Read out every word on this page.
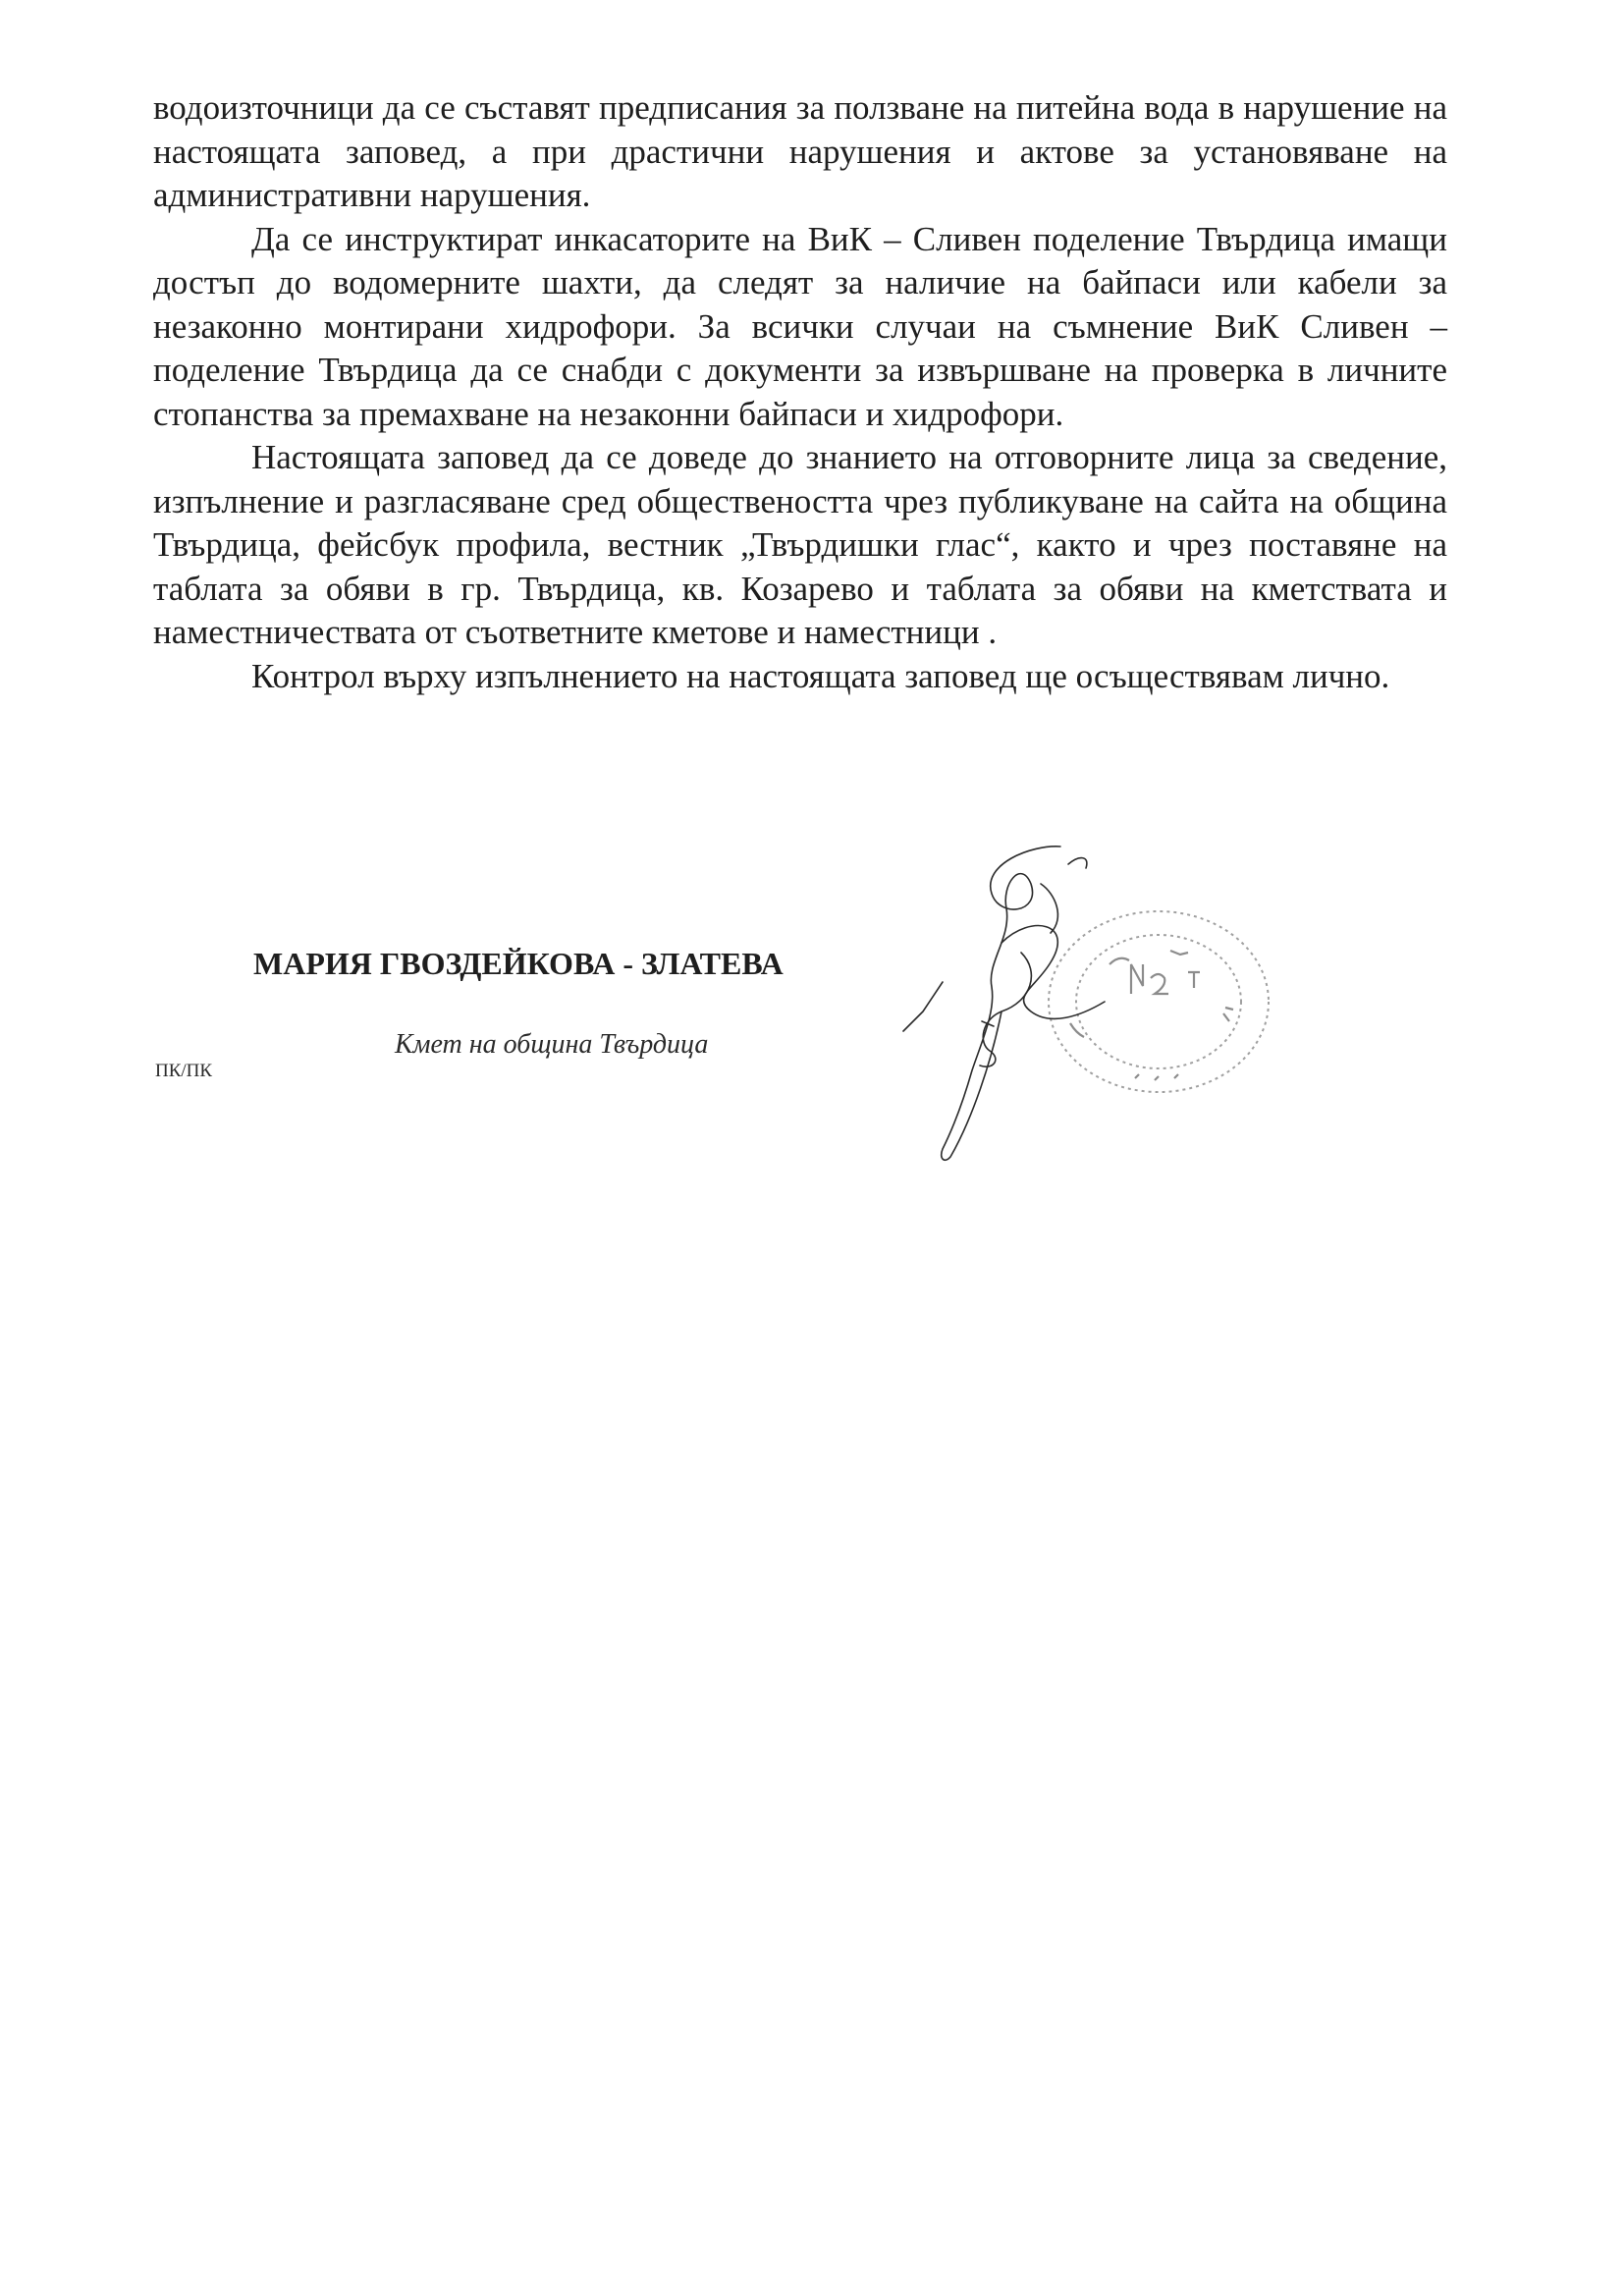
водоизточници да се съставят предписания за ползване на питейна вода в нарушение на настоящата заповед, а при драстични нарушения и актове за установяване на административни нарушения.

Да се инструктират инкасаторите на ВиК – Сливен поделение Твърдица имащи достъп до водомерните шахти, да следят за наличие на байпаси или кабели за незаконно монтирани хидрофори. За всички случаи на съмнение ВиК Сливен – поделение Твърдица да се снабди с документи за извършване на проверка в личните стопанства за премахване на незаконни байпаси и хидрофори.

Настоящата заповед да се доведе до знанието на отговорните лица за сведение, изпълнение и разгласяване сред обществеността чрез публикуване на сайта на община Твърдица, фейсбук профила, вестник „Твърдишки глас“, както и чрез поставяне на таблата за обяви в гр. Твърдица, кв. Козарево и таблата за обяви на кметствата и наместничествата от съответните кметове и наместници .

Контрол върху изпълнението на настоящата заповед ще осъществявам лично.

МАРИЯ ГВОЗДЕЙКОВА - ЗЛАТЕВА
Кмет на община Твърдица
ПК/ПК
